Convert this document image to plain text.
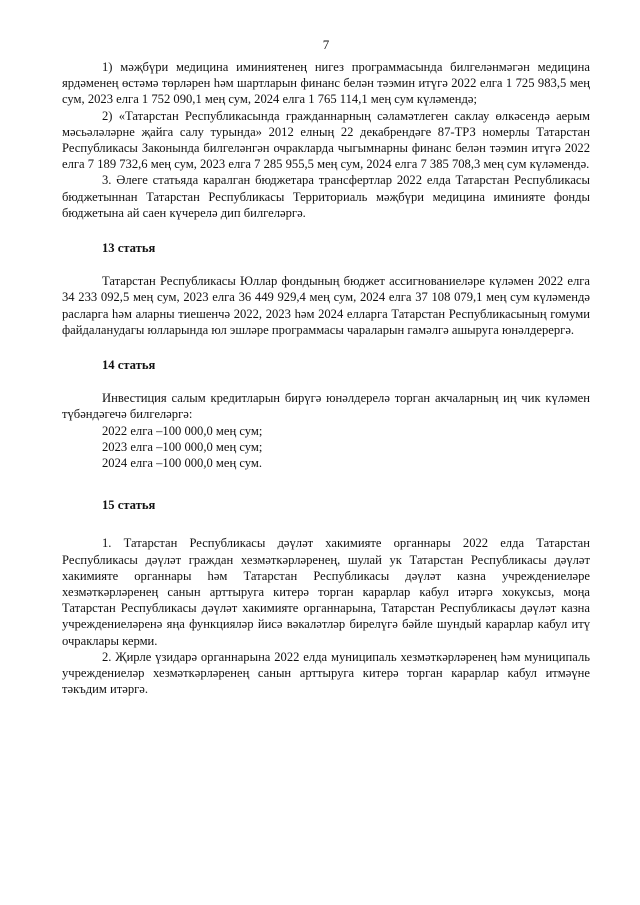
7

1) мәҗбүри медицина иминиятенең нигез программасында билгеләнмәгән медицина ярдәменең өстәмә төрләрен һәм шартларын финанс белән тәэмин итүгә 2022 елга 1 725 983,5 мең сум, 2023 елга 1 752 090,1 мең сум, 2024 елга 1 765 114,1 мең сум күләмендә;

2) «Татарстан Республикасында гражданнарның сәламәтлеген саклау өлкәсендә аерым мәсьәләләрне җайга салу турында» 2012 елның 22 декабрендәге 87-ТРЗ номерлы Татарстан Республикасы Законында билгеләнгән очракларда чыгымнарны финанс белән тәэмин итүгә 2022 елга 7 189 732,6 мең сум, 2023 елга 7 285 955,5 мең сум, 2024 елга 7 385 708,3 мең сум күләмендә.

3. Әлеге статьяда каралган бюджетара трансфертлар 2022 елда Татарстан Республикасы бюджетыннан Татарстан Республикасы Территориаль мәҗбүри медицина иминияте фонды бюджетына ай саен күчерелә дип билгеләргә.

13 статья

Татарстан Республикасы Юллар фондының бюджет ассигнованиеләре күләмен 2022 елга 34 233 092,5 мең сум, 2023 елга 36 449 929,4 мең сум, 2024 елга 37 108 079,1 мең сум күләмендә расларга һәм аларны тиешенчә 2022, 2023 һәм 2024 елларга Татарстан Республикасының гомуми файдаланудагы юлларында юл эшләре программасы чараларын гамәлгә ашыруга юнәлдерергә.

14 статья

Инвестиция салым кредитларын бирүгә юнәлдерелә торган акчаларның иң чик күләмен түбәндәгечә билгеләргә:

2022 елга –100 000,0 мең сум;

2023 елга –100 000,0 мең сум;

2024 елга –100 000,0 мең сум.

15 статья

1. Татарстан Республикасы дәүләт хакимияте органнары 2022 елда Татарстан Республикасы дәүләт граждан хезмәткәрләренең, шулай ук Татарстан Республикасы дәүләт хакимияте органнары һәм Татарстан Республикасы дәүләт казна учреждениеләре хезмәткәрләренең санын арттыруга китерә торган карарлар кабул итәргә хокуксыз, моңа Татарстан Республикасы дәүләт хакимияте органнарына, Татарстан Республикасы дәүләт казна учреждениеләренә яңа функцияләр йисә вәкаләтләр бирелүгә бәйле шундый карарлар кабул итү очраклары керми.

2. Җирле үзидарә органнарына 2022 елда муниципаль хезмәткәрләренең һәм муниципаль учреждениеләр хезмәткәрләренең санын арттыруга китерә торган карарлар кабул итмәүне тәкъдим итәргә.
